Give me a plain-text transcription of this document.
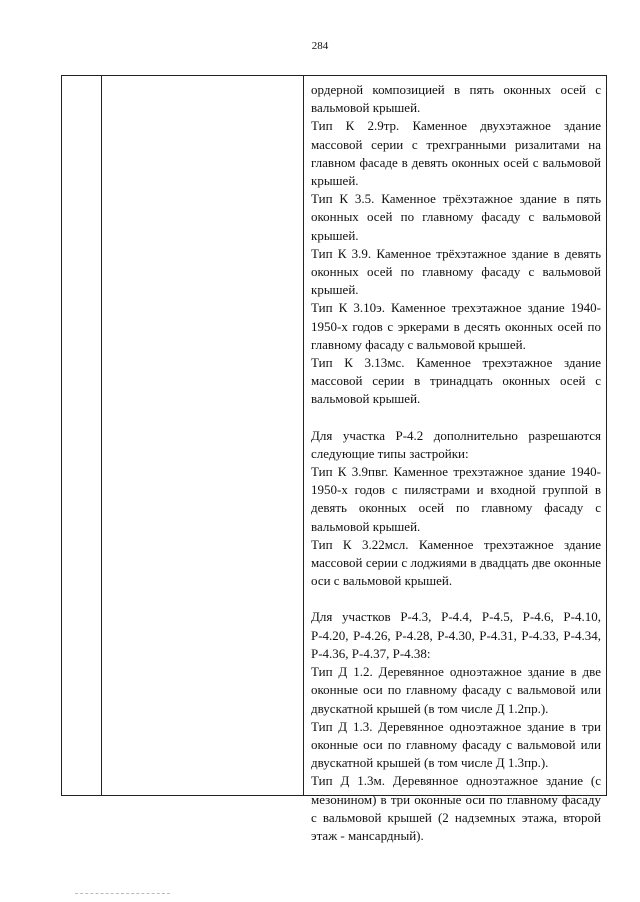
284

ордерной композицией в пять оконных осей с вальмовой крышей.

Тип К 2.9тр. Каменное двухэтажное здание массовой серии с трехгранными ризалитами на главном фасаде в девять оконных осей с вальмовой крышей.

Тип К 3.5. Каменное трёхэтажное здание в пять оконных осей по главному фасаду с вальмовой крышей.

Тип К 3.9. Каменное трёхэтажное здание в девять оконных осей по главному фасаду с вальмовой крышей.

Тип К 3.10э. Каменное трехэтажное здание 1940-1950-х годов с эркерами в десять оконных осей по главному фасаду с вальмовой крышей.

Тип К 3.13мс. Каменное трехэтажное здание массовой серии в тринадцать оконных осей с вальмовой крышей.

Для участка Р-4.2 дополнительно разрешаются следующие типы застройки:

Тип К 3.9пвг. Каменное трехэтажное здание 1940-1950-х годов с пилястрами и входной группой в девять оконных осей по главному фасаду с вальмовой крышей.

Тип К 3.22мсл. Каменное трехэтажное здание массовой серии с лоджиями в двадцать две оконные оси с вальмовой крышей.

Для участков Р-4.3, Р-4.4, Р-4.5, Р-4.6, Р-4.10, Р-4.20, Р-4.26, Р-4.28, Р-4.30, Р-4.31, Р-4.33, Р-4.34, Р-4.36, Р-4.37, Р-4.38:

Тип Д 1.2. Деревянное одноэтажное здание в две оконные оси по главному фасаду с вальмовой или двускатной крышей (в том числе Д 1.2пр.).

Тип Д 1.3. Деревянное одноэтажное здание в три оконные оси по главному фасаду с вальмовой или двускатной крышей (в том числе Д 1.3пр.).

Тип Д 1.3м. Деревянное одноэтажное здание (с мезонином) в три оконные оси по главному фасаду с вальмовой крышей (2 надземных этажа, второй этаж - мансардный).
